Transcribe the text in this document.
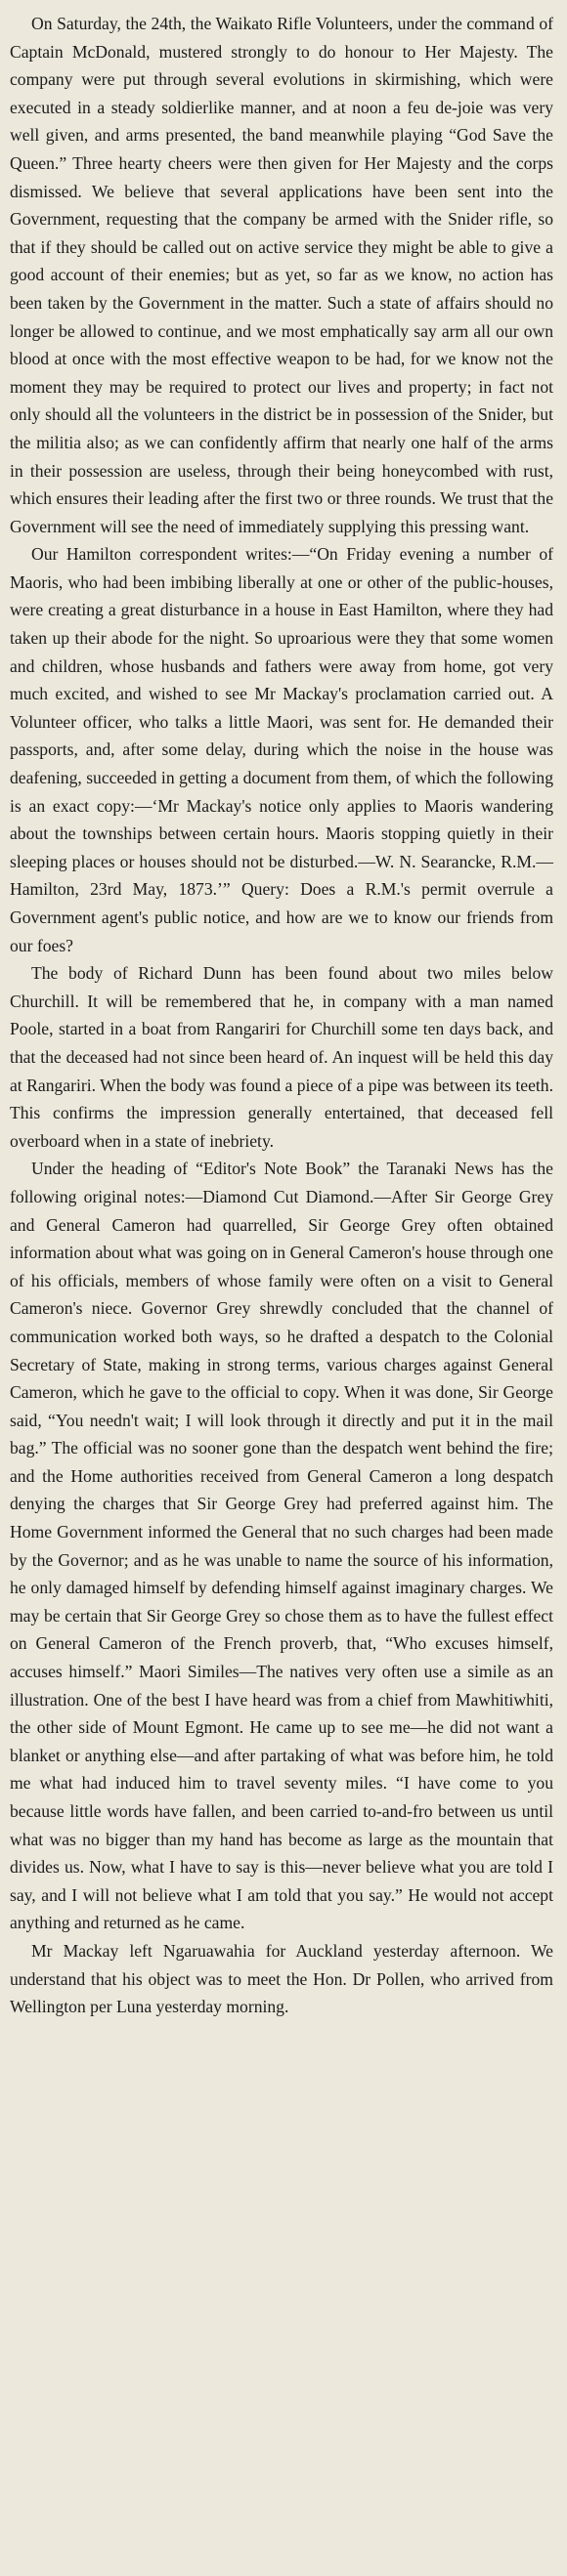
On Saturday, the 24th, the Waikato Rifle Volunteers, under the command of Captain McDonald, mustered strongly to do honour to Her Majesty. The company were put through several evolutions in skirmishing, which were executed in a steady soldierlike manner, and at noon a feu de-joie was very well given, and arms presented, the band meanwhile playing “God Save the Queen.” Three hearty cheers were then given for Her Majesty and the corps dismissed. We believe that several applications have been sent into the Government, requesting that the company be armed with the Snider rifle, so that if they should be called out on active service they might be able to give a good account of their enemies; but as yet, so far as we know, no action has been taken by the Government in the matter. Such a state of affairs should no longer be allowed to continue, and we most emphatically say arm all our own blood at once with the most effective weapon to be had, for we know not the moment they may be required to protect our lives and property; in fact not only should all the volunteers in the district be in possession of the Snider, but the militia also; as we can confidently affirm that nearly one half of the arms in their possession are useless, through their being honeycombed with rust, which ensures their leading after the first two or three rounds. We trust that the Government will see the need of immediately supplying this pressing want.

Our Hamilton correspondent writes:—“On Friday evening a number of Maoris, who had been imbibing liberally at one or other of the public-houses, were creating a great disturbance in a house in East Hamilton, where they had taken up their abode for the night. So uproarious were they that some women and children, whose husbands and fathers were away from home, got very much excited, and wished to see Mr Mackay's proclamation carried out. A Volunteer officer, who talks a little Maori, was sent for. He demanded their passports, and, after some delay, during which the noise in the house was deafening, succeeded in getting a document from them, of which the following is an exact copy:—‘Mr Mackay's notice only applies to Maoris wandering about the townships between certain hours. Maoris stopping quietly in their sleeping places or houses should not be disturbed.—W. N. Searancke, R.M.—Hamilton, 23rd May, 1873.’” Query: Does a R.M.'s permit overrule a Government agent's public notice, and how are we to know our friends from our foes?

The body of Richard Dunn has been found about two miles below Churchill. It will be remembered that he, in company with a man named Poole, started in a boat from Rangariri for Churchill some ten days back, and that the deceased had not since been heard of. An inquest will be held this day at Rangariri. When the body was found a piece of a pipe was between its teeth. This confirms the impression generally entertained, that deceased fell overboard when in a state of inebriety.

Under the heading of “Editor's Note Book” the Taranaki News has the following original notes:—Diamond Cut Diamond.—After Sir George Grey and General Cameron had quarrelled, Sir George Grey often obtained information about what was going on in General Cameron's house through one of his officials, members of whose family were often on a visit to General Cameron's niece. Governor Grey shrewdly concluded that the channel of communication worked both ways, so he drafted a despatch to the Colonial Secretary of State, making in strong terms, various charges against General Cameron, which he gave to the official to copy. When it was done, Sir George said, “You needn't wait; I will look through it directly and put it in the mail bag.” The official was no sooner gone than the despatch went behind the fire; and the Home authorities received from General Cameron a long despatch denying the charges that Sir George Grey had preferred against him. The Home Government informed the General that no such charges had been made by the Governor; and as he was unable to name the source of his information, he only damaged himself by defending himself against imaginary charges. We may be certain that Sir George Grey so chose them as to have the fullest effect on General Cameron of the French proverb, that, “Who excuses himself, accuses himself.” Maori Similes—The natives very often use a simile as an illustration. One of the best I have heard was from a chief from Mawhitiwhiti, the other side of Mount Egmont. He came up to see me—he did not want a blanket or anything else—and after partaking of what was before him, he told me what had induced him to travel seventy miles. “I have come to you because little words have fallen, and been carried to-and-fro between us until what was no bigger than my hand has become as large as the mountain that divides us. Now, what I have to say is this—never believe what you are told I say, and I will not believe what I am told that you say.” He would not accept anything and returned as he came.

Mr Mackay left Ngaruawahia for Auckland yesterday afternoon. We understand that his object was to meet the Hon. Dr Pollen, who arrived from Wellington per Luna yesterday morning.
